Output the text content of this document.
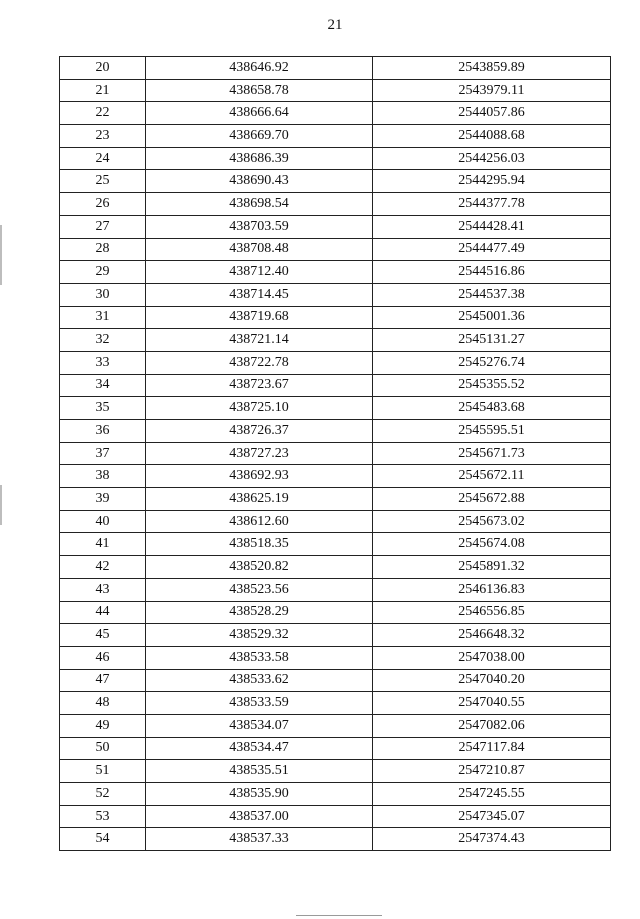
21
20	438646.92	2543859.89
21	438658.78	2543979.11
22	438666.64	2544057.86
23	438669.70	2544088.68
24	438686.39	2544256.03
25	438690.43	2544295.94
26	438698.54	2544377.78
27	438703.59	2544428.41
28	438708.48	2544477.49
29	438712.40	2544516.86
30	438714.45	2544537.38
31	438719.68	2545001.36
32	438721.14	2545131.27
33	438722.78	2545276.74
34	438723.67	2545355.52
35	438725.10	2545483.68
36	438726.37	2545595.51
37	438727.23	2545671.73
38	438692.93	2545672.11
39	438625.19	2545672.88
40	438612.60	2545673.02
41	438518.35	2545674.08
42	438520.82	2545891.32
43	438523.56	2546136.83
44	438528.29	2546556.85
45	438529.32	2546648.32
46	438533.58	2547038.00
47	438533.62	2547040.20
48	438533.59	2547040.55
49	438534.07	2547082.06
50	438534.47	2547117.84
51	438535.51	2547210.87
52	438535.90	2547245.55
53	438537.00	2547345.07
54	438537.33	2547374.43
